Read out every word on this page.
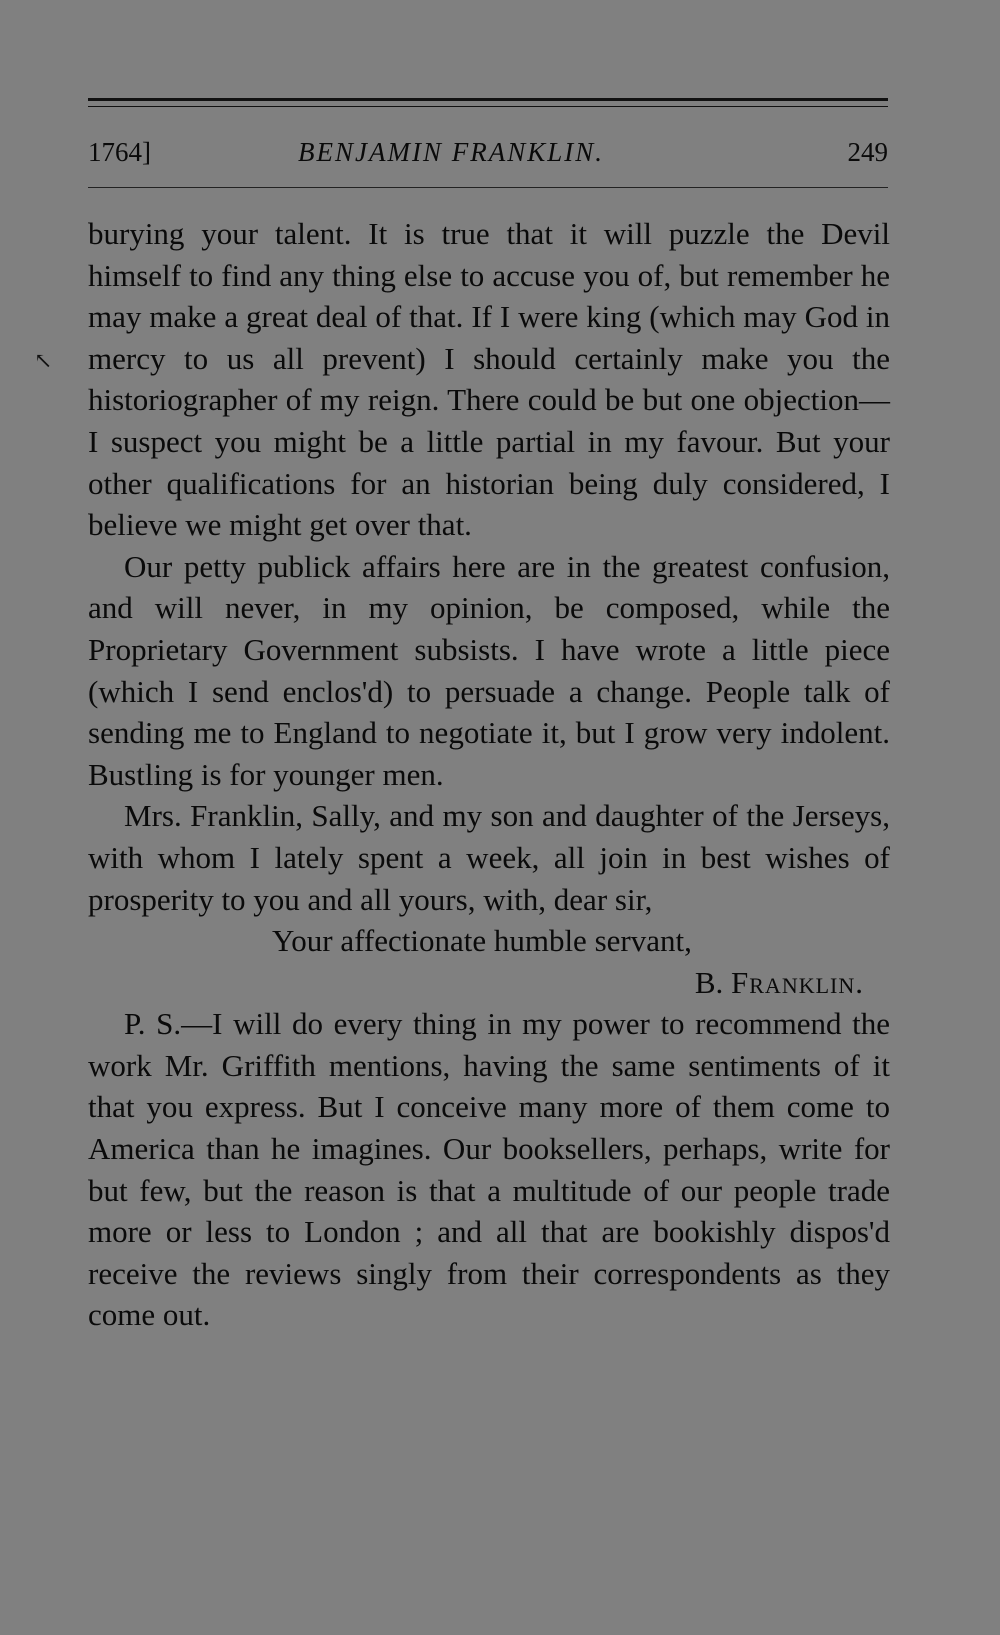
1764]	BENJAMIN FRANKLIN.	249
↖

burying your talent. It is true that it will puzzle the Devil himself to find any thing else to accuse you of, but remember he may make a great deal of that. If I were king (which may God in mercy to us all prevent) I should certainly make you the historiographer of my reign. There could be but one objection—I suspect you might be a little partial in my favour. But your other qualifications for an historian being duly considered, I believe we might get over that.

Our petty publick affairs here are in the greatest confusion, and will never, in my opinion, be composed, while the Proprietary Government subsists. I have wrote a little piece (which I send enclos'd) to persuade a change. People talk of sending me to England to negotiate it, but I grow very indolent. Bustling is for younger men.

Mrs. Franklin, Sally, and my son and daughter of the Jerseys, with whom I lately spent a week, all join in best wishes of prosperity to you and all yours, with, dear sir,

Your affectionate humble servant,

B. Franklin.

P. S.—I will do every thing in my power to recommend the work Mr. Griffith mentions, having the same sentiments of it that you express. But I conceive many more of them come to America than he imagines. Our booksellers, perhaps, write for but few, but the reason is that a multitude of our people trade more or less to London ; and all that are bookishly dispos'd receive the reviews singly from their correspondents as they come out.
